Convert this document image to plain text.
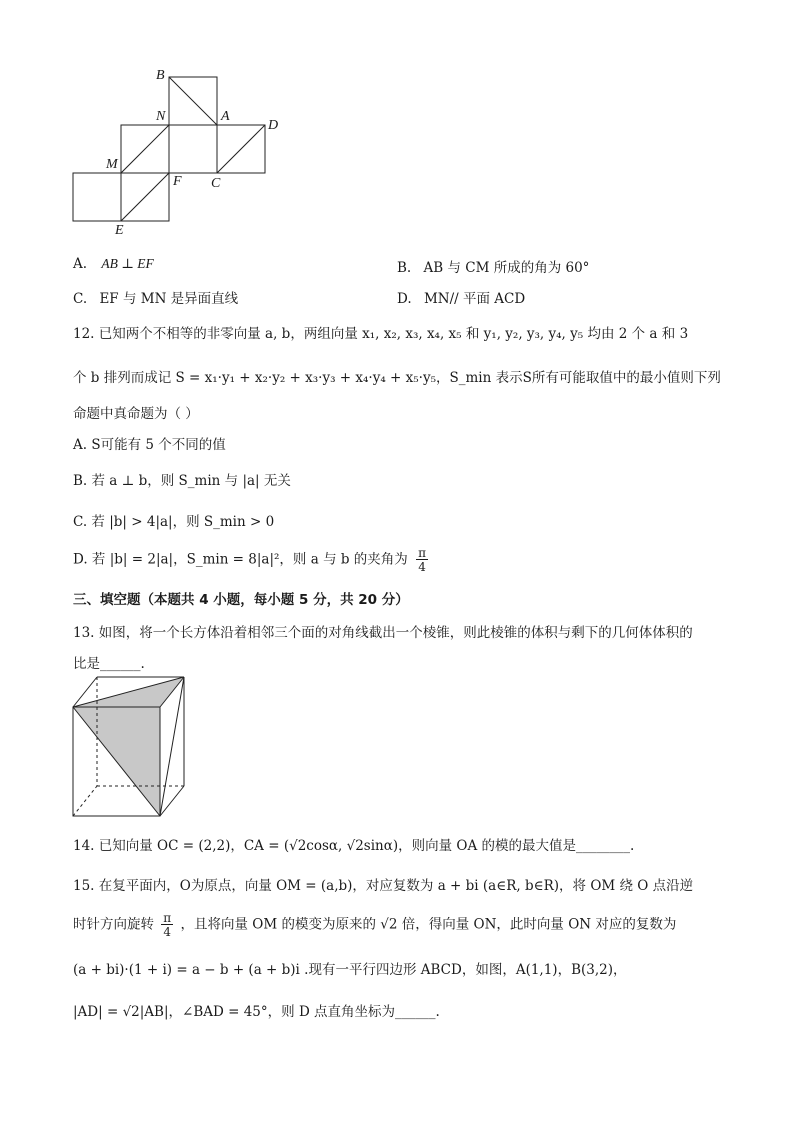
B
N	A
D
M
F C
E
A. AB ⊥ EF	B. AB 与 CM 所成的角为 60°
C. EF 与 MN 是异面直线	D. MN// 平面 ACD
12. 已知两个不相等的非零向量 a, b，两组向量 x₁, x₂, x₃, x₄, x₅ 和 y₁, y₂, y₃, y₄, y₅ 均由 2 个 a 和 3
个 b 排列而成记 S = x₁·y₁ + x₂·y₂ + x₃·y₃ + x₄·y₄ + x₅·y₅，S_min 表示S所有可能取值中的最小值则下列
命题中真命题为（ ）
A. S可能有 5 个不同的值
B. 若 a ⊥ b，则 S_min 与 |a| 无关
C. 若 |b| > 4|a|，则 S_min > 0
D. 若 |b| = 2|a|，S_min = 8|a|²，则 a 与 b 的夹角为 $\frac{\pi}{4}$
三、填空题（本题共 4 小题，每小题 5 分，共 20 分）
13. 如图，将一个长方体沿着相邻三个面的对角线截出一个棱锥，则此棱锥的体积与剩下的几何体体积的
比是______.
14. 已知向量 OC = (2,2)，CA = (√2cosα, √2sinα)，则向量 OA 的模的最大值是________.
15. 在复平面内，O为原点，向量 OM = (a,b)，对应复数为 a + bi (a∈R, b∈R)，将 OM 绕 O 点沿逆
时针方向旋转 $\frac{\pi}{4}$ ，且将向量 OM 的模变为原来的 √2 倍，得向量 ON，此时向量 ON 对应的复数为
(a + bi)·(1 + i) = a − b + (a + b)i .现有一平行四边形 ABCD，如图，A(1,1)，B(3,2)，
|AD| = √2|AB|，∠BAD = 45°，则 D 点直角坐标为______.
